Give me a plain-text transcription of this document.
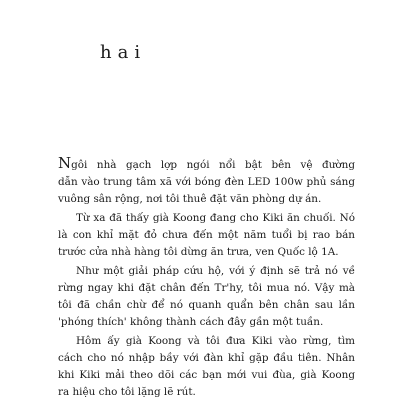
hai

Ngôi nhà gạch lợp ngói nổi bật bên vệ đường
dẫn vào trung tâm xã với bóng đèn LED 100w phủ sáng
vuông sân rộng, nơi tôi thuê đặt văn phòng dự án.

Từ xa đã thấy già Koong đang cho Kiki ăn chuối. Nó
là con khỉ mặt đỏ chưa đến một năm tuổi bị rao bán
trước cửa nhà hàng tôi dừng ăn trưa, ven Quốc lộ 1A.

Như một giải pháp cứu hộ, với ý định sẽ trả nó về
rừng ngay khi đặt chân đến Tr'hy, tôi mua nó. Vậy mà
tôi đã chần chừ để nó quanh quẩn bên chân sau lần
'phóng thích' không thành cách đây gần một tuần.

Hôm ấy già Koong và tôi đưa Kiki vào rừng, tìm
cách cho nó nhập bầy với đàn khỉ gặp đầu tiên. Nhân
khi Kiki mải theo dõi các bạn mới vui đùa, già Koong
ra hiệu cho tôi lặng lẽ rút.
